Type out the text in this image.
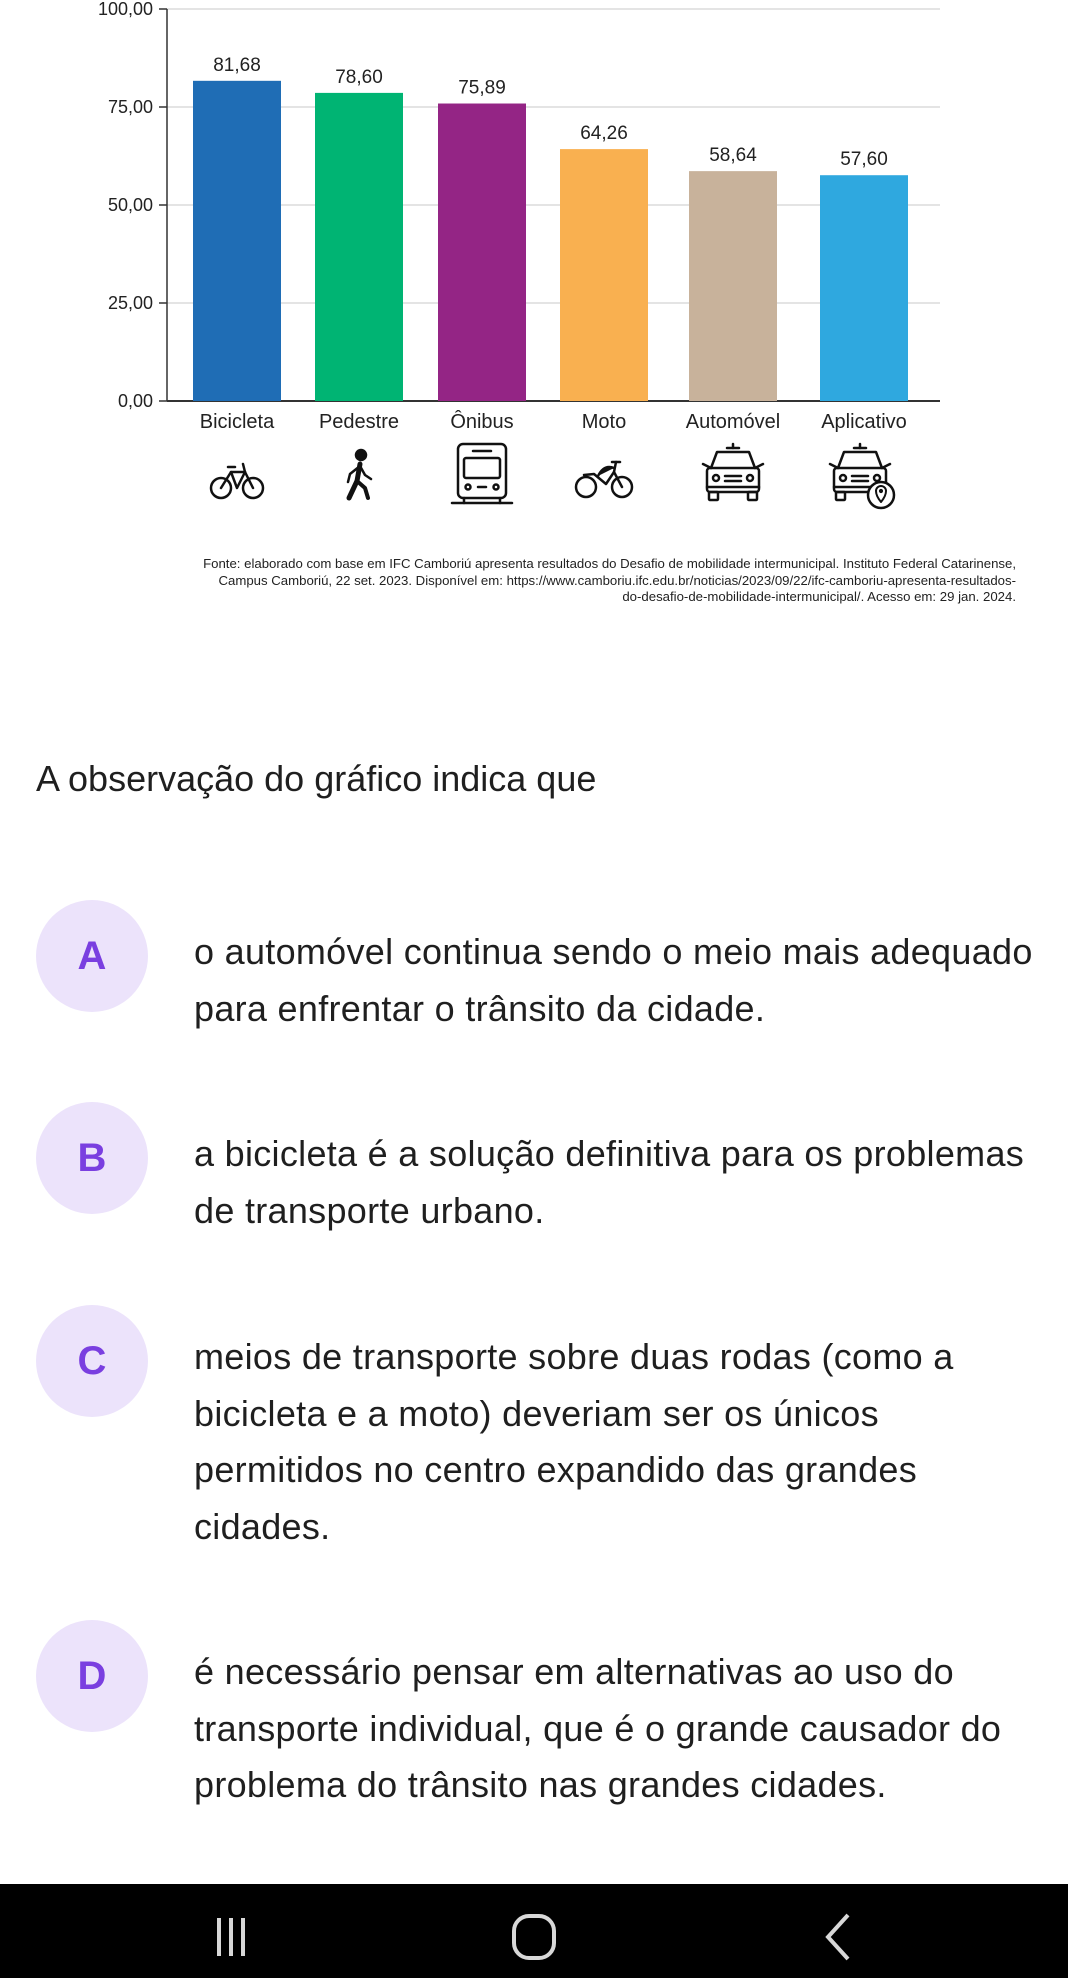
0,00
25,00
50,00
75,00
100,00
81,68
Bicicleta
78,60
Pedestre
75,89
Ônibus
64,26
Moto
58,64
Automóvel
57,60
Aplicativo

Fonte: elaborado com base em IFC Camboriú apresenta resultados do Desafio de mobilidade intermunicipal. Instituto Federal Catarinense,
Campus Camboriú, 22 set. 2023. Disponível em: https://www.camboriu.ifc.edu.br/noticias/2023/09/22/ifc-camboriu-apresenta-resultados-
do-desafio-de-mobilidade-intermunicipal/. Acesso em: 29 jan. 2024.

A observação do gráfico indica que
A	o automóvel continua sendo o meio mais adequado para enfrentar o trânsito da cidade.
B	a bicicleta é a solução definitiva para os problemas de transporte urbano.
C	meios de transporte sobre duas rodas (como a bicicleta e a moto) deveriam ser os únicos permitidos no centro expandido das grandes cidades.
D	é necessário pensar em alternativas ao uso do transporte individual, que é o grande causador do problema do trânsito nas grandes cidades.
